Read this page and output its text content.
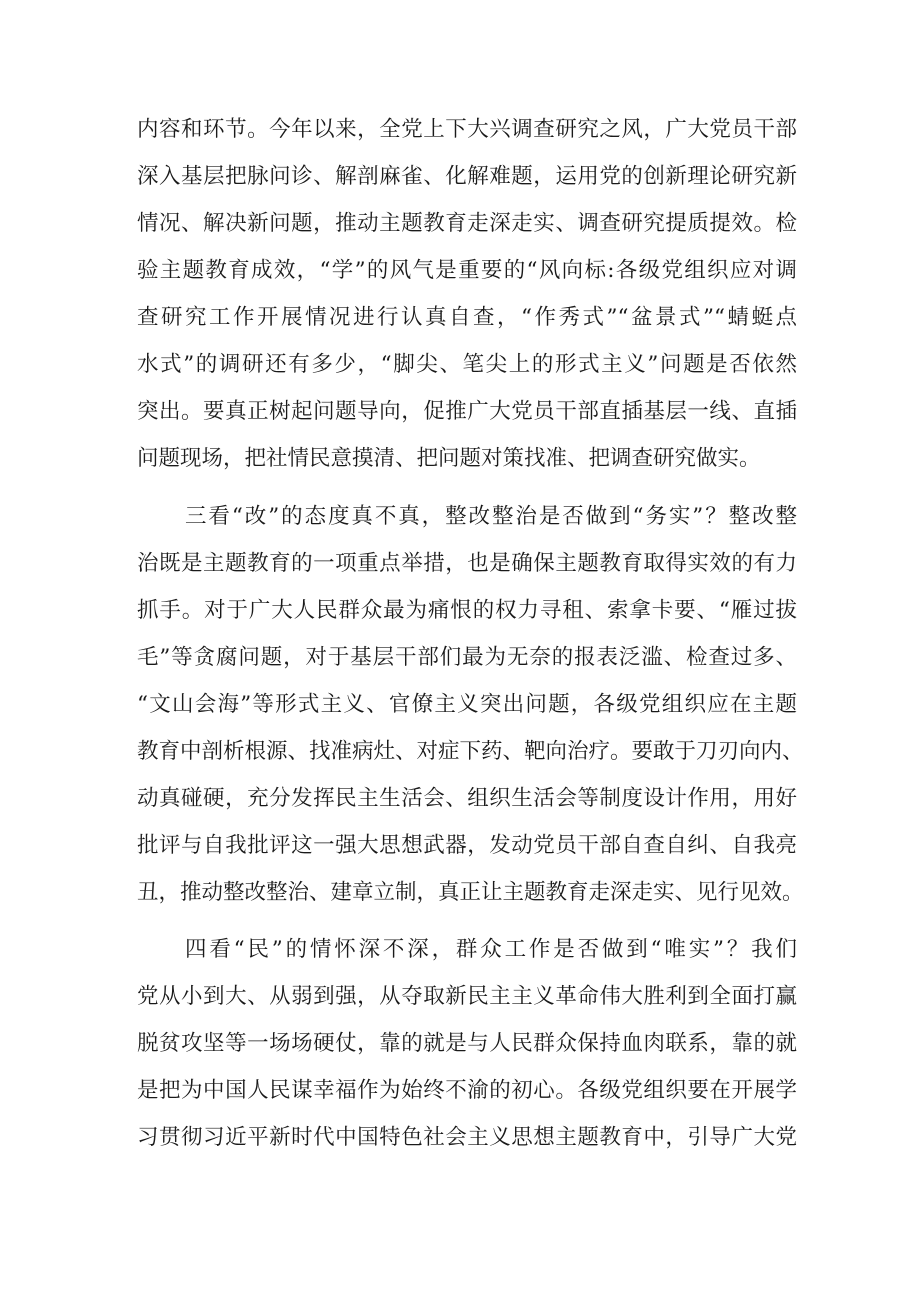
内容和环节。今年以来，全党上下大兴调查研究之风，广大党员干部
深入基层把脉问诊、解剖麻雀、化解难题，运用党的创新理论研究新
情况、解决新问题，推动主题教育走深走实、调查研究提质提效。检
验主题教育成效，“学”的风气是重要的“风向标:各级党组织应对调
查研究工作开展情况进行认真自查，“作秀式”“盆景式”“蜻蜓点
水式”的调研还有多少，“脚尖、笔尖上的形式主义”问题是否依然
突出。要真正树起问题导向，促推广大党员干部直插基层一线、直插
问题现场，把社情民意摸清、把问题对策找准、把调查研究做实。
三看“改”的态度真不真，整改整治是否做到“务实”？整改整
治既是主题教育的一项重点举措，也是确保主题教育取得实效的有力
抓手。对于广大人民群众最为痛恨的权力寻租、索拿卡要、“雁过拔
毛”等贪腐问题，对于基层干部们最为无奈的报表泛滥、检查过多、
“文山会海”等形式主义、官僚主义突出问题，各级党组织应在主题
教育中剖析根源、找准病灶、对症下药、靶向治疗。要敢于刀刃向内、
动真碰硬，充分发挥民主生活会、组织生活会等制度设计作用，用好
批评与自我批评这一强大思想武器，发动党员干部自查自纠、自我亮
丑，推动整改整治、建章立制，真正让主题教育走深走实、见行见效。
四看“民”的情怀深不深，群众工作是否做到“唯实”？我们
党从小到大、从弱到强，从夺取新民主主义革命伟大胜利到全面打赢
脱贫攻坚等一场场硬仗，靠的就是与人民群众保持血肉联系，靠的就
是把为中国人民谋幸福作为始终不渝的初心。各级党组织要在开展学
习贯彻习近平新时代中国特色社会主义思想主题教育中，引导广大党
